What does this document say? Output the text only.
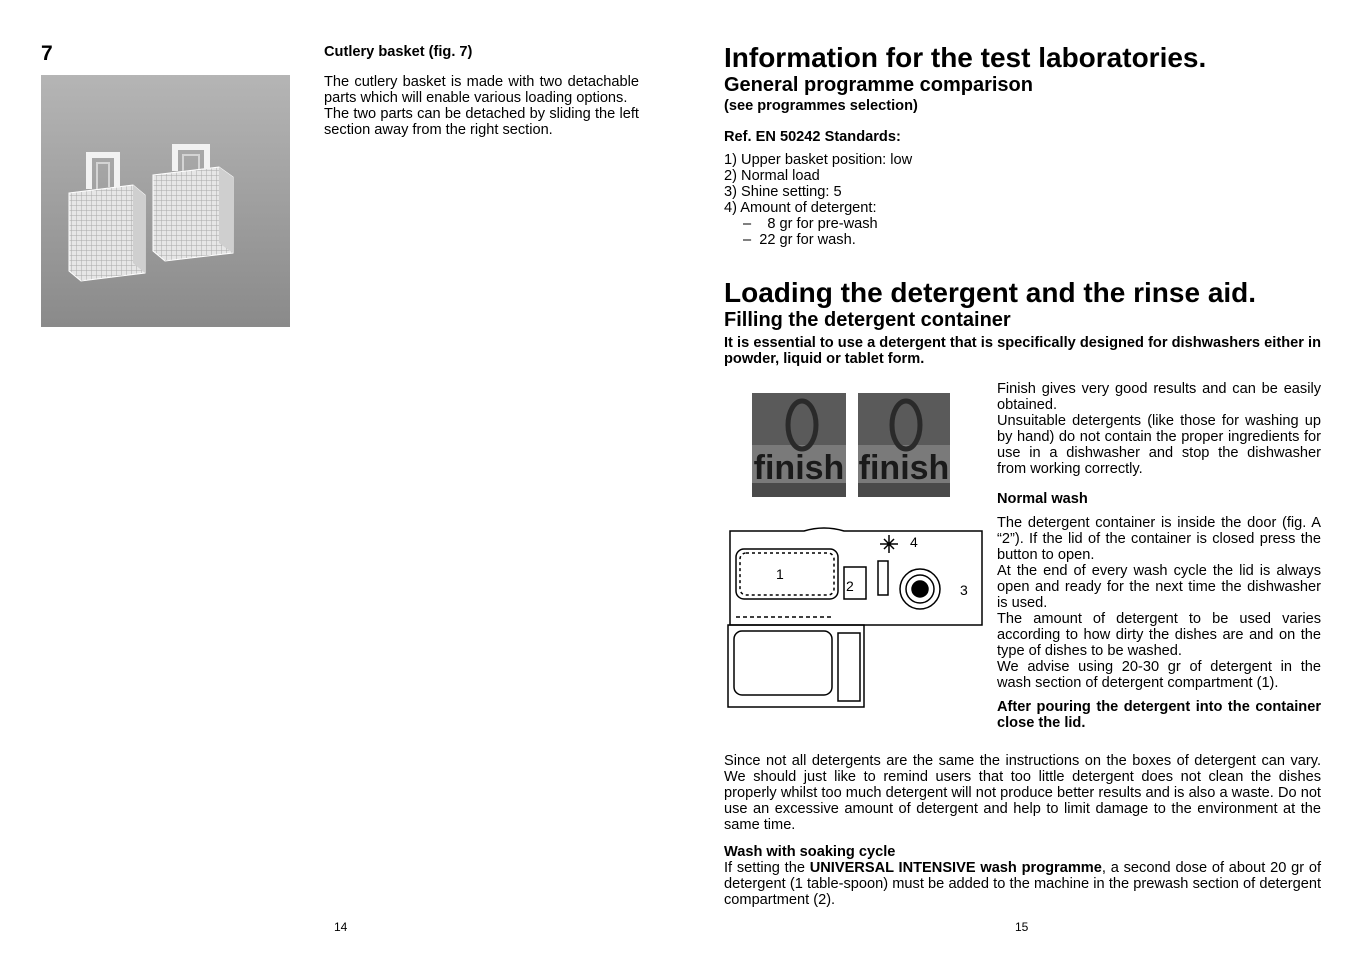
7	Cutlery basket (fig. 7)

The cutlery basket is made with two detachable parts which will enable various loading options.

The two parts can be detached by sliding the left section away from the right section.

14
Information for the test laboratories.
General programme comparison

(see programmes selection)

Ref. EN 50242 Standards:

1) Upper basket position: low

2) Normal load

3) Shine setting: 5

4) Amount of detergent:

–    8 gr for pre-wash

–  22 gr for wash.

Loading the detergent and the rinse aid.
Filling the detergent container

It is essential to use a detergent that is specifically designed for dishwashers either in powder, liquid or tablet form.

finish finish
1
2	3
4

Finish gives very good results and can be easily obtained.

Unsuitable detergents (like those for washing up by hand) do not contain the proper ingredients for use in a dishwasher and stop the dishwasher from working correctly.

Normal wash

The detergent container is inside the door (fig. A “2”). If the lid of the container is closed press the button to open.

At the end of every wash cycle the lid is always open and ready for the next time the dishwasher is used.

The amount of detergent to be used varies according to how dirty the dishes are and on the type of dishes to be washed.

We advise using 20-30 gr of detergent in the wash section of detergent compartment (1).

After pouring the detergent into the container close the lid.

Since not all detergents are the same the instructions on the boxes of detergent can vary. We should just like to remind users that too little detergent does not clean the dishes properly whilst too much detergent will not produce better results and is also a waste. Do not use an excessive amount of detergent and help to limit damage to the environment at the same time.

Wash with soaking cycle

If setting the UNIVERSAL INTENSIVE wash programme, a second dose of about 20 gr of detergent (1 table-spoon) must be added to the machine in the prewash section of detergent compartment (2).

15
